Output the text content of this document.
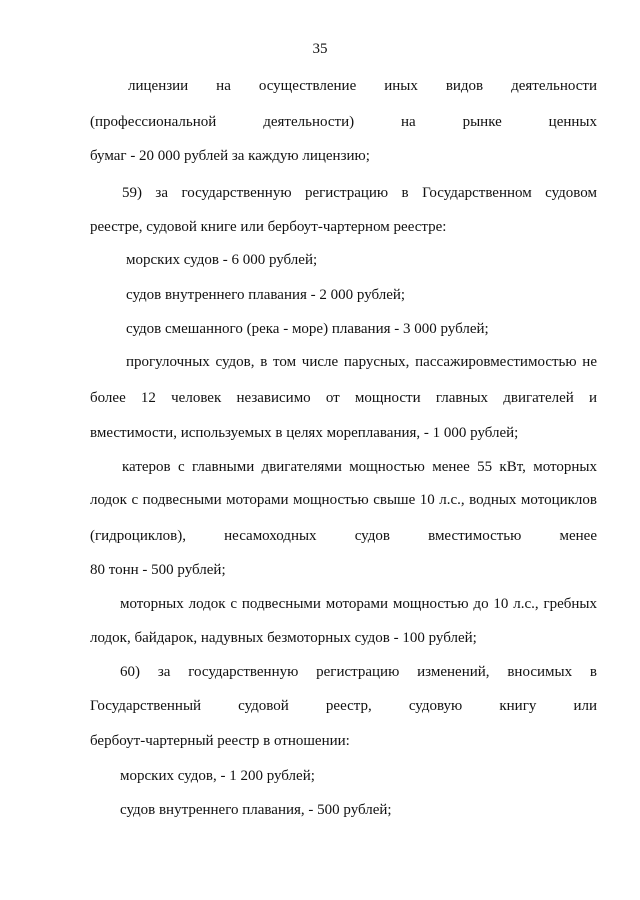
35
лицензии на осуществление иных видов деятельности
(профессиональной деятельности) на рынке ценных
бумаг - 20 000 рублей за каждую лицензию;
59) за государственную регистрацию в Государственном судовом
реестре, судовой книге или бербоут-чартерном реестре:
морских судов - 6 000 рублей;
судов внутреннего плавания - 2 000 рублей;
судов смешанного (река - море) плавания - 3 000 рублей;
прогулочных судов, в том числе парусных, пассажировместимостью не
более 12 человек независимо от мощности главных двигателей и
вместимости, используемых в целях мореплавания, - 1 000 рублей;
катеров с главными двигателями мощностью менее 55 кВт, моторных
лодок с подвесными моторами мощностью свыше 10 л.с., водных мотоциклов
(гидроциклов), несамоходных судов вместимостью менее
80 тонн - 500 рублей;
моторных лодок с подвесными моторами мощностью до 10 л.с., гребных
лодок, байдарок, надувных безмоторных судов - 100 рублей;
60) за государственную регистрацию изменений, вносимых в
Государственный судовой реестр, судовую книгу или
бербоут-чартерный реестр в отношении:
морских судов, - 1 200 рублей;
судов внутреннего плавания, - 500 рублей;
